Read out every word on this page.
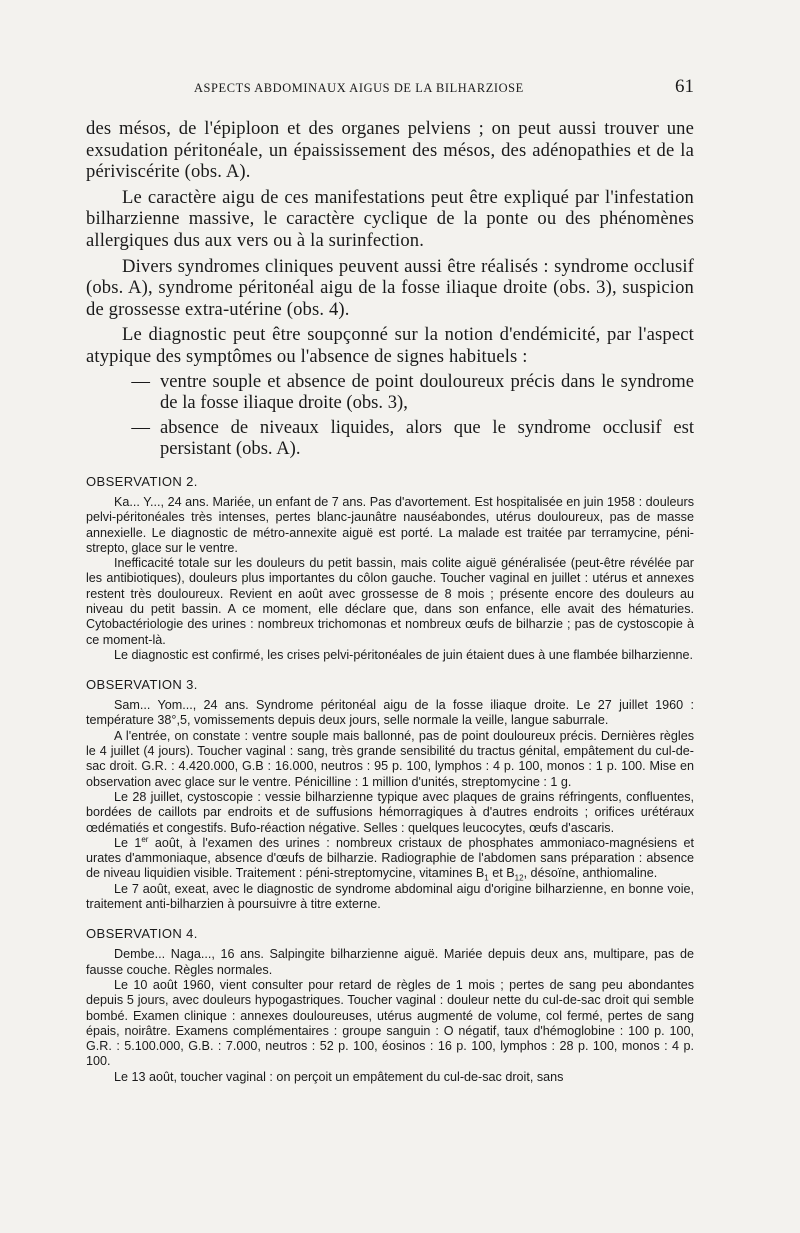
ASPECTS ABDOMINAUX AIGUS DE LA BILHARZIOSE	61

des mésos, de l'épiploon et des organes pelviens ; on peut aussi trouver une exsudation péritonéale, un épaississement des mésos, des adénopathies et de la périviscérite (obs. A).

Le caractère aigu de ces manifestations peut être expliqué par l'infestation bilharzienne massive, le caractère cyclique de la ponte ou des phénomènes allergiques dus aux vers ou à la surinfection.

Divers syndromes cliniques peuvent aussi être réalisés : syndrome occlusif (obs. A), syndrome péritonéal aigu de la fosse iliaque droite (obs. 3), suspicion de grossesse extra-utérine (obs. 4).

Le diagnostic peut être soupçonné sur la notion d'endémicité, par l'aspect atypique des symptômes ou l'absence de signes habituels :

— ventre souple et absence de point douloureux précis dans le syndrome de la fosse iliaque droite (obs. 3),
— absence de niveaux liquides, alors que le syndrome occlusif est persistant (obs. A).
OBSERVATION 2.

Ka... Y..., 24 ans. Mariée, un enfant de 7 ans. Pas d'avortement. Est hospitalisée en juin 1958 : douleurs pelvi-péritonéales très intenses, pertes blanc-jaunâtre nauséabondes, utérus douloureux, pas de masse annexielle. Le diagnostic de métro-annexite aiguë est porté. La malade est traitée par terramycine, péni-strepto, glace sur le ventre.

Inefficacité totale sur les douleurs du petit bassin, mais colite aiguë généralisée (peut-être révélée par les antibiotiques), douleurs plus importantes du côlon gauche. Toucher vaginal en juillet : utérus et annexes restent très douloureux. Revient en août avec grossesse de 8 mois ; présente encore des douleurs au niveau du petit bassin. A ce moment, elle déclare que, dans son enfance, elle avait des hématuries. Cytobactériologie des urines : nombreux trichomonas et nombreux œufs de bilharzie ; pas de cystoscopie à ce moment-là.

Le diagnostic est confirmé, les crises pelvi-péritonéales de juin étaient dues à une flambée bilharzienne.

OBSERVATION 3.

Sam... Yom..., 24 ans. Syndrome péritonéal aigu de la fosse iliaque droite. Le 27 juillet 1960 : température 38°,5, vomissements depuis deux jours, selle normale la veille, langue saburrale.

A l'entrée, on constate : ventre souple mais ballonné, pas de point douloureux précis. Dernières règles le 4 juillet (4 jours). Toucher vaginal : sang, très grande sensibilité du tractus génital, empâtement du cul-de-sac droit. G.R. : 4.420.000, G.B : 16.000, neutros : 95 p. 100, lymphos : 4 p. 100, monos : 1 p. 100. Mise en observation avec glace sur le ventre. Pénicilline : 1 million d'unités, streptomycine : 1 g.

Le 28 juillet, cystoscopie : vessie bilharzienne typique avec plaques de grains réfringents, confluentes, bordées de caillots par endroits et de suffusions hémorragiques à d'autres endroits ; orifices urétéraux œdématiés et congestifs. Bufo-réaction négative. Selles : quelques leucocytes, œufs d'ascaris.

Le 1er août, à l'examen des urines : nombreux cristaux de phosphates ammoniaco-magnésiens et urates d'ammoniaque, absence d'œufs de bilharzie. Radiographie de l'abdomen sans préparation : absence de niveau liquidien visible. Traitement : péni-streptomycine, vitamines $B_1$ et $B_{12}$, désoïne, anthiomaline.

Le 7 août, exeat, avec le diagnostic de syndrome abdominal aigu d'origine bilharzienne, en bonne voie, traitement anti-bilharzien à poursuivre à titre externe.

OBSERVATION 4.

Dembe... Naga..., 16 ans. Salpingite bilharzienne aiguë. Mariée depuis deux ans, multipare, pas de fausse couche. Règles normales.

Le 10 août 1960, vient consulter pour retard de règles de 1 mois ; pertes de sang peu abondantes depuis 5 jours, avec douleurs hypogastriques. Toucher vaginal : douleur nette du cul-de-sac droit qui semble bombé. Examen clinique : annexes douloureuses, utérus augmenté de volume, col fermé, pertes de sang épais, noirâtre. Examens complémentaires : groupe sanguin : O négatif, taux d'hémoglobine : 100 p. 100, G.R. : 5.100.000, G.B. : 7.000, neutros : 52 p. 100, éosinos : 16 p. 100, lymphos : 28 p. 100, monos : 4 p. 100.

Le 13 août, toucher vaginal : on perçoit un empâtement du cul-de-sac droit, sans
